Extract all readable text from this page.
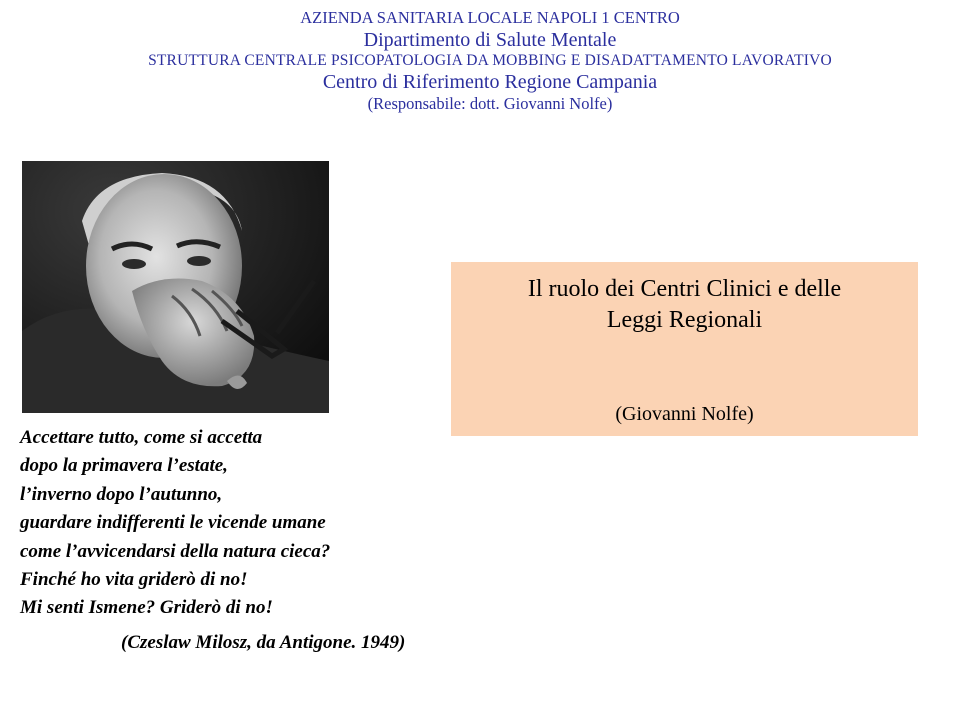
AZIENDA SANITARIA LOCALE NAPOLI 1 CENTRO
Dipartimento di Salute Mentale
STRUTTURA CENTRALE PSICOPATOLOGIA DA MOBBING E DISADATTAMENTO LAVORATIVO
Centro di Riferimento Regione Campania
(Responsabile: dott. Giovanni Nolfe)
Il ruolo dei Centri Clinici e delle
Leggi Regionali
(Giovanni Nolfe)
Accettare tutto, come si accetta
dopo la primavera l’estate,
l’inverno dopo l’autunno,
guardare indifferenti le vicende umane
come l’avvicendarsi della natura cieca?
Finché ho vita griderò di no!
Mi senti Ismene? Griderò di no!
(Czeslaw Milosz, da Antigone. 1949)
